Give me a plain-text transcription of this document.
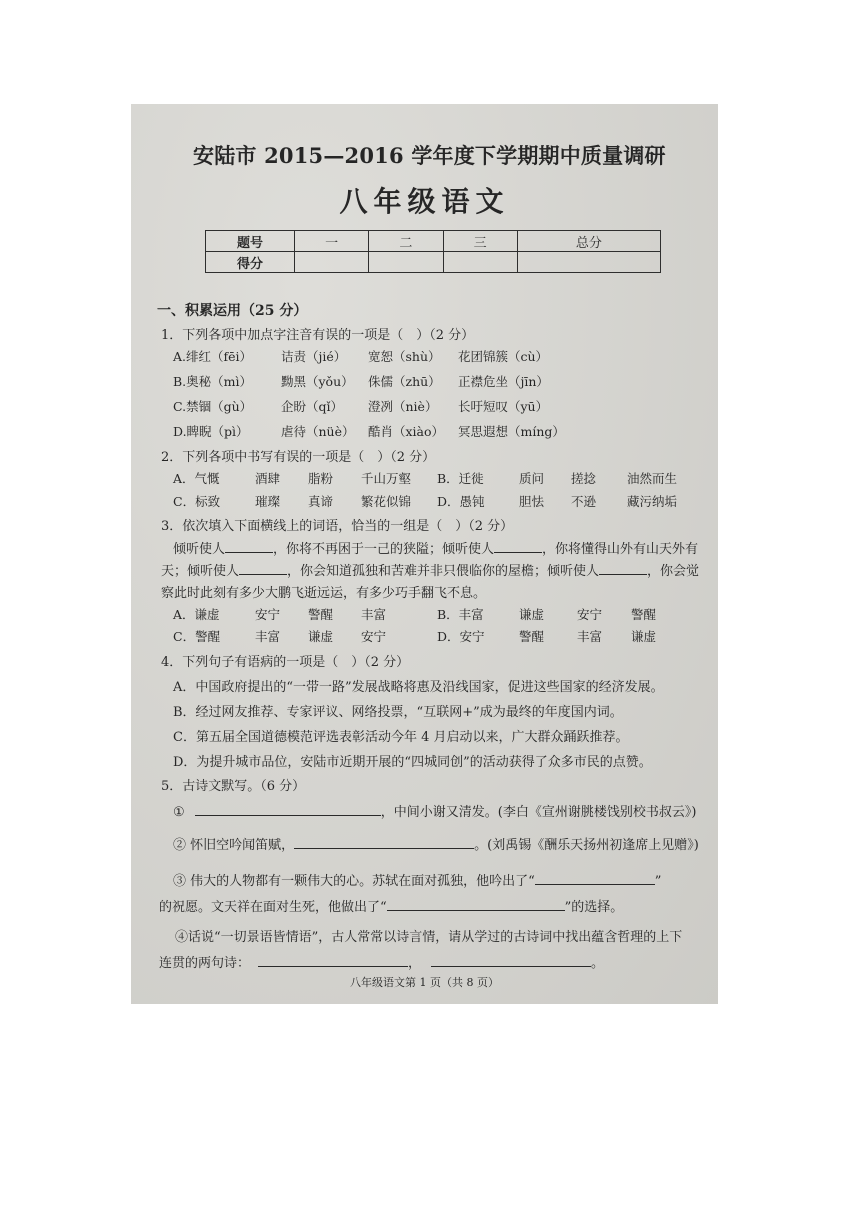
安陆市 2015—2016 学年度下学期期中质量调研
八年级语文
题号	一	二	三	总分
得分				
一、积累运用（25 分）
1．下列各项中加点字注音有误的一项是（　）（2 分）
A.绯红（fēi） 诘责（jié） 宽恕（shù） 花团锦簇（cù）
B.奥秘（mì） 黝黑（yǒu） 侏儒（zhū） 正襟危坐（jīn）
C.禁锢（gù） 企盼（qǐ） 澄冽（niè） 长吁短叹（yū）
D.睥睨（pì）	虐待（nüè） 酷肖（xiào） 冥思遐想（míng）
2．下列各项中书写有误的一项是（　）（2 分）
A．气慨	酒肆 脂粉 千山万壑 B．迁徙	质问 搓捻 油然而生
C．标致	璀璨 真谛 繁花似锦 D．愚钝	胆怯 不逊 藏污纳垢
3．依次填入下面横线上的词语，恰当的一组是（　）（2 分）
倾听使人	，你将不再困于一己的狭隘；倾听使人	，你将懂得山外有山天外有
天；倾听使人	，你会知道孤独和苦难并非只偎临你的屋檐；倾听使人	，你会觉
察此时此刻有多少大鹏飞逝远运，有多少巧手翻飞不息。
A．谦虚	安宁 警醒 丰富	B．丰富	谦虚	安宁 警醒
C．警醒	丰富 谦虚 安宁	D．安宁	警醒	丰富 谦虚
4．下列句子有语病的一项是（　）（2 分）
A．中国政府提出的“一带一路”发展战略将惠及沿线国家，促进这些国家的经济发展。
B．经过网友推荐、专家评议、网络投票，“互联网+”成为最终的年度国内词。
C．第五届全国道德模范评选表彰活动今年 4 月启动以来，广大群众踊跃推荐。
D．为提升城市品位，安陆市近期开展的“四城同创”的活动获得了众多市民的点赞。
5．古诗文默写。（6 分）
①	，中间小谢又清发。(李白《宣州谢朓楼饯别校书叔云》)
② 怀旧空吟闻笛赋，	。(刘禹锡《酬乐天扬州初逢席上见赠》)
③ 伟大的人物都有一颗伟大的心。苏轼在面对孤独，他吟出了“	”
的祝愿。文天祥在面对生死，他做出了“	”的选择。
④话说“一切景语皆情语”，古人常常以诗言情，请从学过的古诗词中找出蕴含哲理的上下
连贯的两句诗：	，	。
八年级语文第 1 页（共 8 页）
